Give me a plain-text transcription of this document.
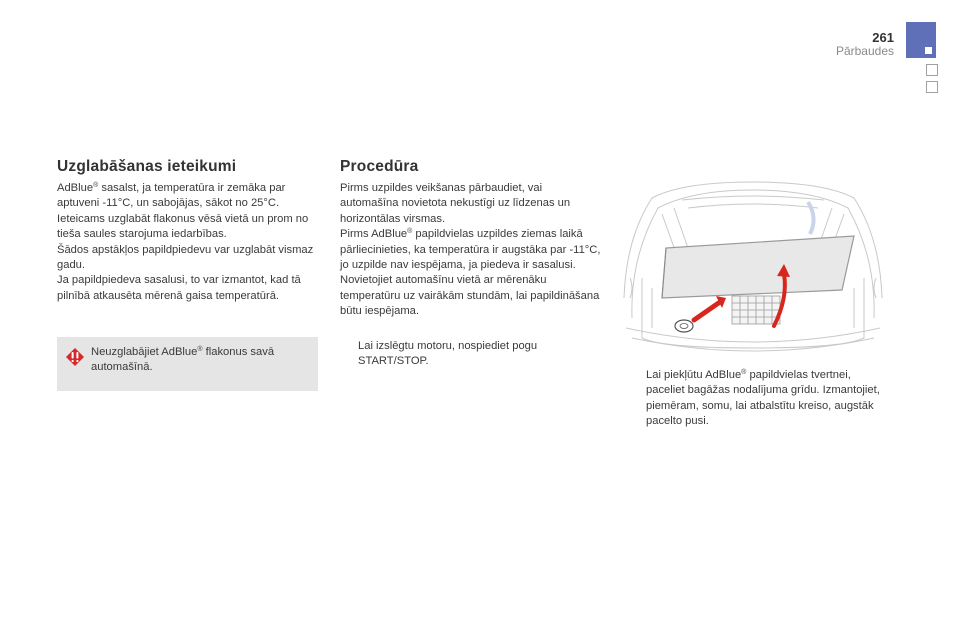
261
Pārbaudes
Uzglabāšanas ieteikumi

AdBlue® sasalst, ja temperatūra ir zemāka par aptuveni -11°C, un sabojājas, sākot no 25°C. Ieteicams uzglabāt flakonus vēsā vietā un prom no tieša saules starojuma iedarbības.

Šādos apstākļos papildpiedevu var uzglabāt vismaz gadu.

Ja papildpiedeva sasalusi, to var izmantot, kad tā pilnībā atkausēta mērenā gaisa temperatūrā.

Neuzglabājiet AdBlue® flakonus savā automašīnā.
Procedūra

Pirms uzpildes veikšanas pārbaudiet, vai automašīna novietota nekustīgi uz līdzenas un horizontālas virsmas.

Pirms AdBlue® papildvielas uzpildes ziemas laikā pārliecinieties, ka temperatūra ir augstāka par -11°C, jo uzpilde nav iespējama, ja piedeva ir sasalusi. Novietojiet automašīnu vietā ar mērenāku temperatūru uz vairākām stundām, lai papildināšana būtu iespējama.

Lai izslēgtu motoru, nospiediet pogu START/STOP.
Lai piekļūtu AdBlue® papildvielas tvertnei, paceliet bagāžas nodalījuma grīdu. Izmantojiet, piemēram, somu, lai atbalstītu kreiso, augstāk pacelto pusi.
